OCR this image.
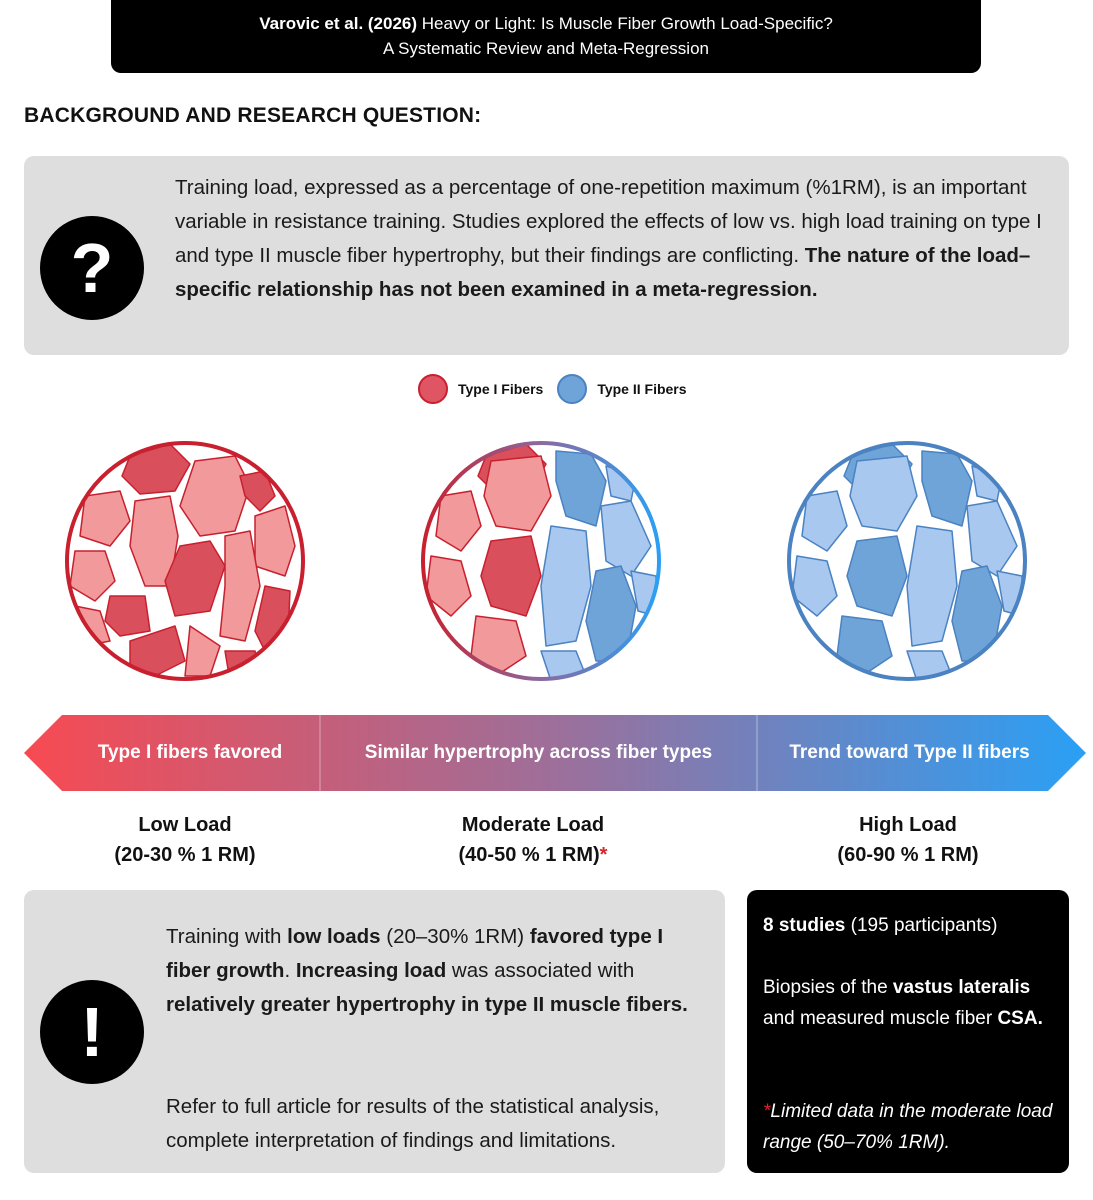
Varovic et al. (2026) Heavy or Light: Is Muscle Fiber Growth Load-Specific?
A Systematic Review and Meta-Regression
BACKGROUND AND RESEARCH QUESTION:
?
Training load, expressed as a percentage of one-repetition maximum (%1RM), is an important variable in resistance training. Studies explored the effects of low vs. high load training on type I and type II muscle fiber hypertrophy, but their findings are conflicting. The nature of the load–specific relationship has not been examined in a meta-regression.
Type I Fibers	Type II Fibers
Type I fibers favored	Similar hypertrophy across fiber types	Trend toward Type II fibers
Low Load
(20-30 % 1 RM)
Moderate Load
(40-50 % 1 RM)*
High Load
(60-90 % 1 RM)
!
Training with low loads (20–30% 1RM) favored type I fiber growth. Increasing load was associated with relatively greater hypertrophy in type II muscle fibers.
Refer to full article for results of the statistical analysis, complete interpretation of findings and limitations.
8 studies (195 participants)
Biopsies of the vastus lateralis and measured muscle fiber CSA.
*Limited data in the moderate load range (50–70% 1RM).
